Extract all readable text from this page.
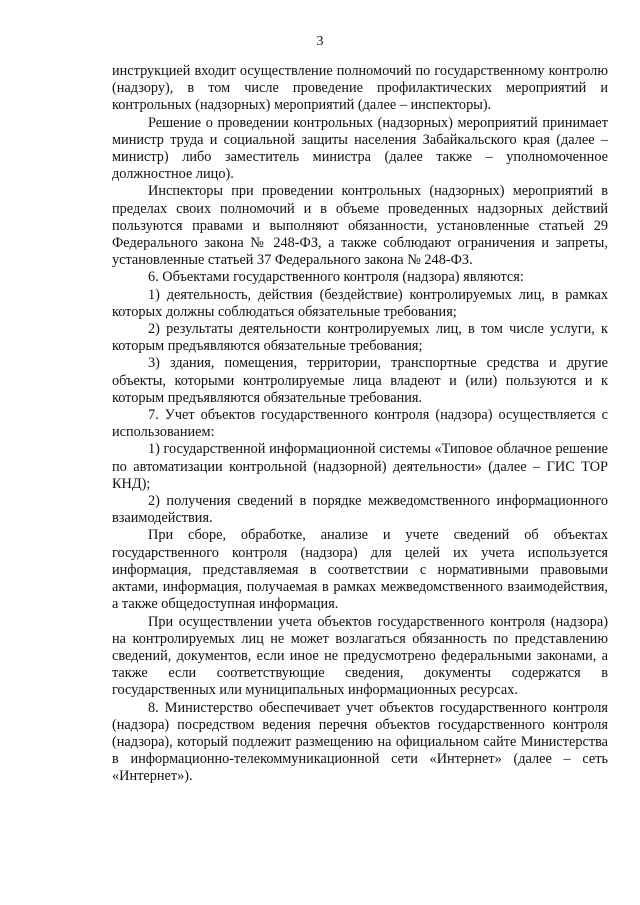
3

инструкцией входит осуществление полномочий по государственному контролю (надзору), в том числе проведение профилактических мероприятий и контрольных (надзорных) мероприятий (далее – инспекторы).

Решение о проведении контрольных (надзорных) мероприятий принимает министр труда и социальной защиты населения Забайкальского края (далее – министр) либо заместитель министра (далее также – уполномоченное должностное лицо).

Инспекторы при проведении контрольных (надзорных) мероприятий в пределах своих полномочий и в объеме проведенных надзорных действий пользуются правами и выполняют обязанности, установленные статьей 29 Федерального закона № 248-ФЗ, а также соблюдают ограничения и запреты, установленные статьей 37 Федерального закона № 248-ФЗ.

6. Объектами государственного контроля (надзора) являются:

1) деятельность, действия (бездействие) контролируемых лиц, в рамках которых должны соблюдаться обязательные требования;

2) результаты деятельности контролируемых лиц, в том числе услуги, к которым предъявляются обязательные требования;

3) здания, помещения, территории, транспортные средства и другие объекты, которыми контролируемые лица владеют и (или) пользуются и к которым предъявляются обязательные требования.

7. Учет объектов государственного контроля (надзора) осуществляется с использованием:

1) государственной информационной системы «Типовое облачное решение по автоматизации контрольной (надзорной) деятельности» (далее – ГИС ТОР КНД);

2) получения сведений в порядке межведомственного информационного взаимодействия.

При сборе, обработке, анализе и учете сведений об объектах государственного контроля (надзора) для целей их учета используется информация, представляемая в соответствии с нормативными правовыми актами, информация, получаемая в рамках межведомственного взаимодействия, а также общедоступная информация.

При осуществлении учета объектов государственного контроля (надзора) на контролируемых лиц не может возлагаться обязанность по представлению сведений, документов, если иное не предусмотрено федеральными законами, а также если соответствующие сведения, документы содержатся в государственных или муниципальных информационных ресурсах.

8. Министерство обеспечивает учет объектов государственного контроля (надзора) посредством ведения перечня объектов государственного контроля (надзора), который подлежит размещению на официальном сайте Министерства в информационно-телекоммуникационной сети «Интернет» (далее – сеть «Интернет»).
